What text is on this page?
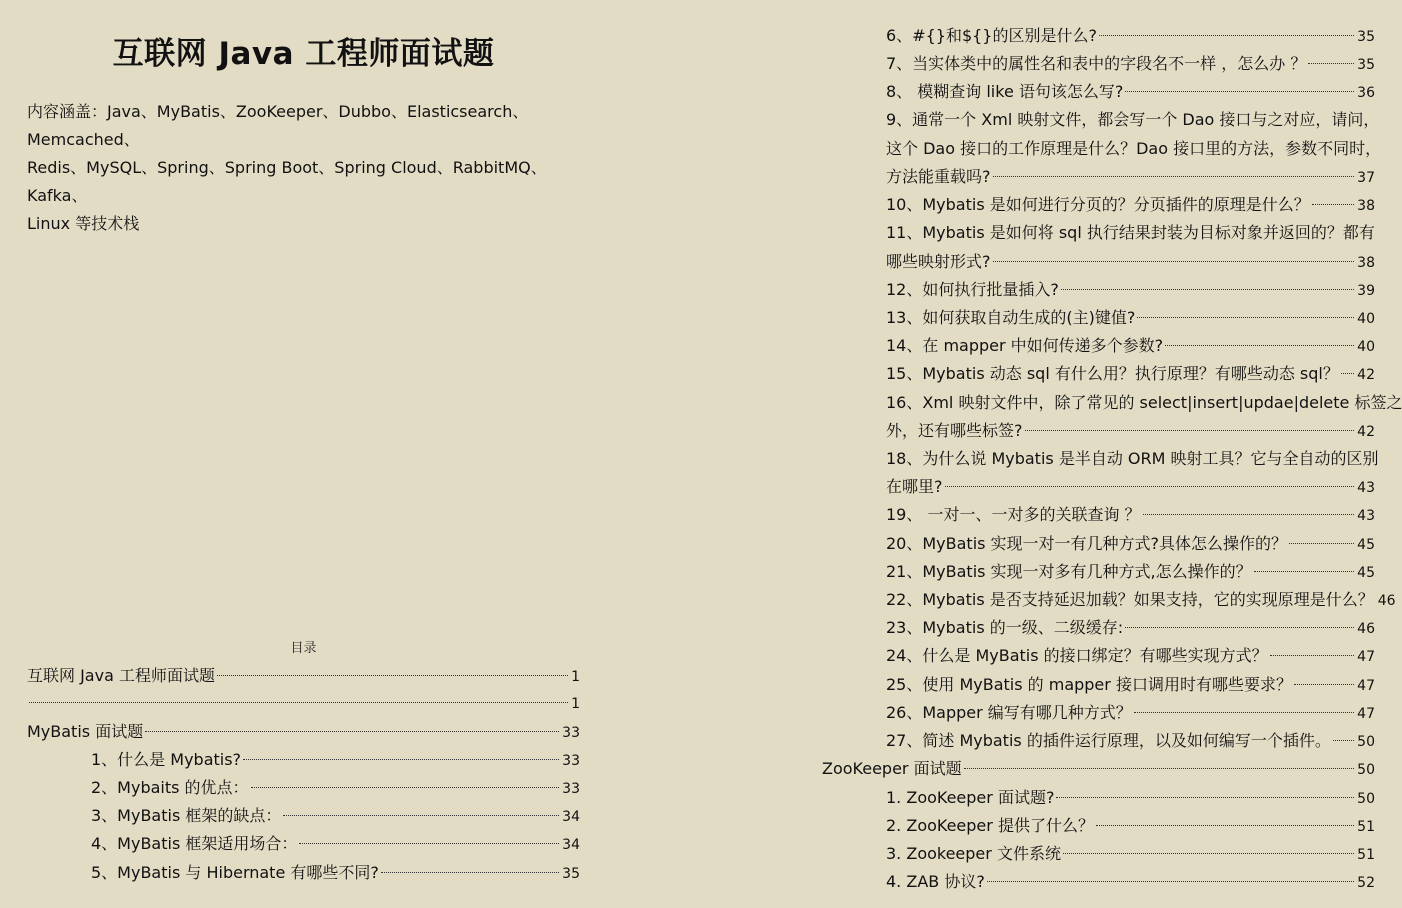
互联网 Java 工程师面试题
内容涵盖：Java、MyBatis、ZooKeeper、Dubbo、Elasticsearch、Memcached、
Redis、MySQL、Spring、Spring Boot、Spring Cloud、RabbitMQ、Kafka、
Linux 等技术栈
目录
互联网 Java 工程师面试题	1
1
MyBatis 面试题	33
1、什么是 Mybatis?	33
2、Mybaits 的优点：	33
3、MyBatis 框架的缺点：	34
4、MyBatis 框架适用场合：	34
5、MyBatis 与 Hibernate 有哪些不同?	35
6、#{}和${}的区别是什么?	35
7、当实体类中的属性名和表中的字段名不一样 ，怎么办 ？	35
8、 模糊查询 like 语句该怎么写?	36
9、通常一个 Xml 映射文件，都会写一个 Dao 接口与之对应，请问，
这个 Dao 接口的工作原理是什么？Dao 接口里的方法，参数不同时，
方法能重载吗?	37
10、Mybatis 是如何进行分页的？分页插件的原理是什么？	38
11、Mybatis 是如何将 sql 执行结果封装为目标对象并返回的？都有
哪些映射形式?	38
12、如何执行批量插入?	39
13、如何获取自动生成的(主)键值?	40
14、在 mapper 中如何传递多个参数?	40
15、Mybatis 动态 sql 有什么用？执行原理？有哪些动态 sql？ 42
16、Xml 映射文件中，除了常见的 select|insert|updae|delete 标签之
外，还有哪些标签?	42
18、为什么说 Mybatis 是半自动 ORM 映射工具？它与全自动的区别
在哪里?	43
19、 一对一、一对多的关联查询 ？	43
20、MyBatis 实现一对一有几种方式?具体怎么操作的？	45
21、MyBatis 实现一对多有几种方式,怎么操作的？	45
22、Mybatis 是否支持延迟加载？如果支持，它的实现原理是什么？ 46
23、Mybatis 的一级、二级缓存:	46
24、什么是 MyBatis 的接口绑定？有哪些实现方式？	47
25、使用 MyBatis 的 mapper 接口调用时有哪些要求？	47
26、Mapper 编写有哪几种方式？	47
27、简述 Mybatis 的插件运行原理，以及如何编写一个插件。 50
ZooKeeper 面试题	50
1. ZooKeeper 面试题?	50
2. ZooKeeper 提供了什么？	51
3. Zookeeper 文件系统	51
4. ZAB 协议?	52
